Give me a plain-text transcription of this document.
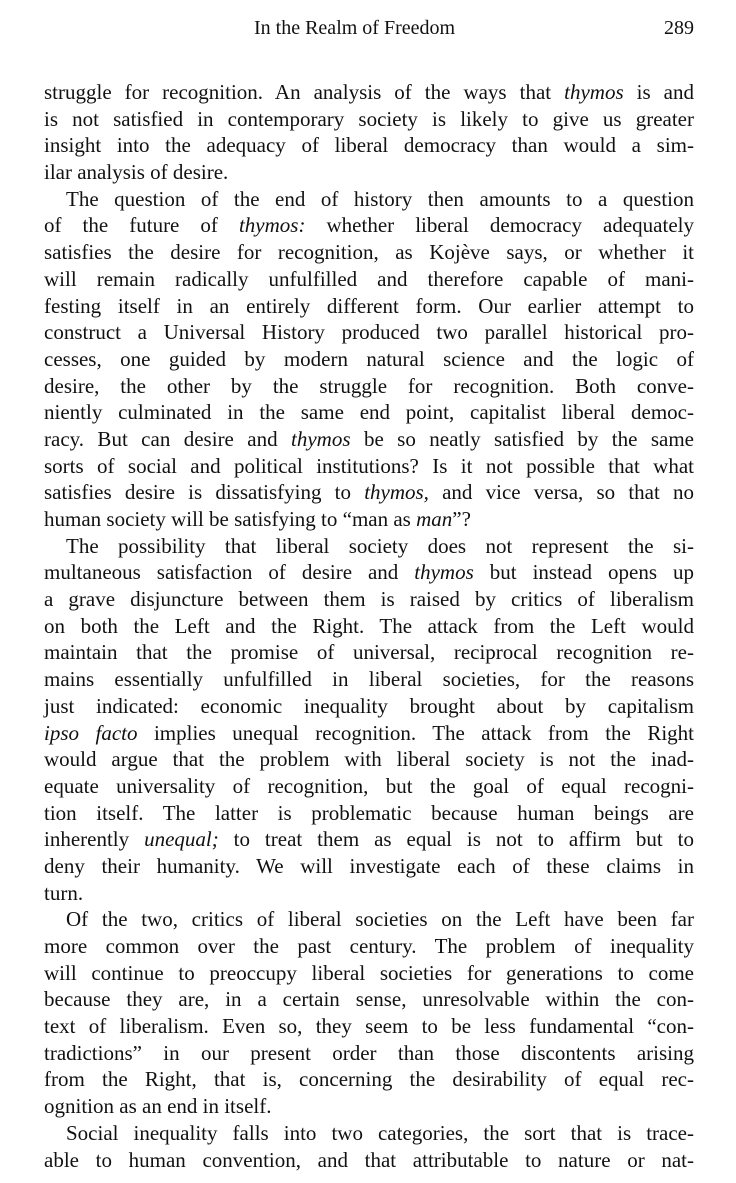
In the Realm of Freedom	289
struggle for recognition. An analysis of the ways that thymos is and
is not satisfied in contemporary society is likely to give us greater
insight into the adequacy of liberal democracy than would a sim-
ilar analysis of desire.
The question of the end of history then amounts to a question
of the future of thymos: whether liberal democracy adequately
satisfies the desire for recognition, as Kojève says, or whether it
will remain radically unfulfilled and therefore capable of mani-
festing itself in an entirely different form. Our earlier attempt to
construct a Universal History produced two parallel historical pro-
cesses, one guided by modern natural science and the logic of
desire, the other by the struggle for recognition. Both conve-
niently culminated in the same end point, capitalist liberal democ-
racy. But can desire and thymos be so neatly satisfied by the same
sorts of social and political institutions? Is it not possible that what
satisfies desire is dissatisfying to thymos, and vice versa, so that no
human society will be satisfying to “man as man”?
The possibility that liberal society does not represent the si-
multaneous satisfaction of desire and thymos but instead opens up
a grave disjuncture between them is raised by critics of liberalism
on both the Left and the Right. The attack from the Left would
maintain that the promise of universal, reciprocal recognition re-
mains essentially unfulfilled in liberal societies, for the reasons
just indicated: economic inequality brought about by capitalism
ipso facto implies unequal recognition. The attack from the Right
would argue that the problem with liberal society is not the inad-
equate universality of recognition, but the goal of equal recogni-
tion itself. The latter is problematic because human beings are
inherently unequal; to treat them as equal is not to affirm but to
deny their humanity. We will investigate each of these claims in
turn.
Of the two, critics of liberal societies on the Left have been far
more common over the past century. The problem of inequality
will continue to preoccupy liberal societies for generations to come
because they are, in a certain sense, unresolvable within the con-
text of liberalism. Even so, they seem to be less fundamental “con-
tradictions” in our present order than those discontents arising
from the Right, that is, concerning the desirability of equal rec-
ognition as an end in itself.
Social inequality falls into two categories, the sort that is trace-
able to human convention, and that attributable to nature or nat-
